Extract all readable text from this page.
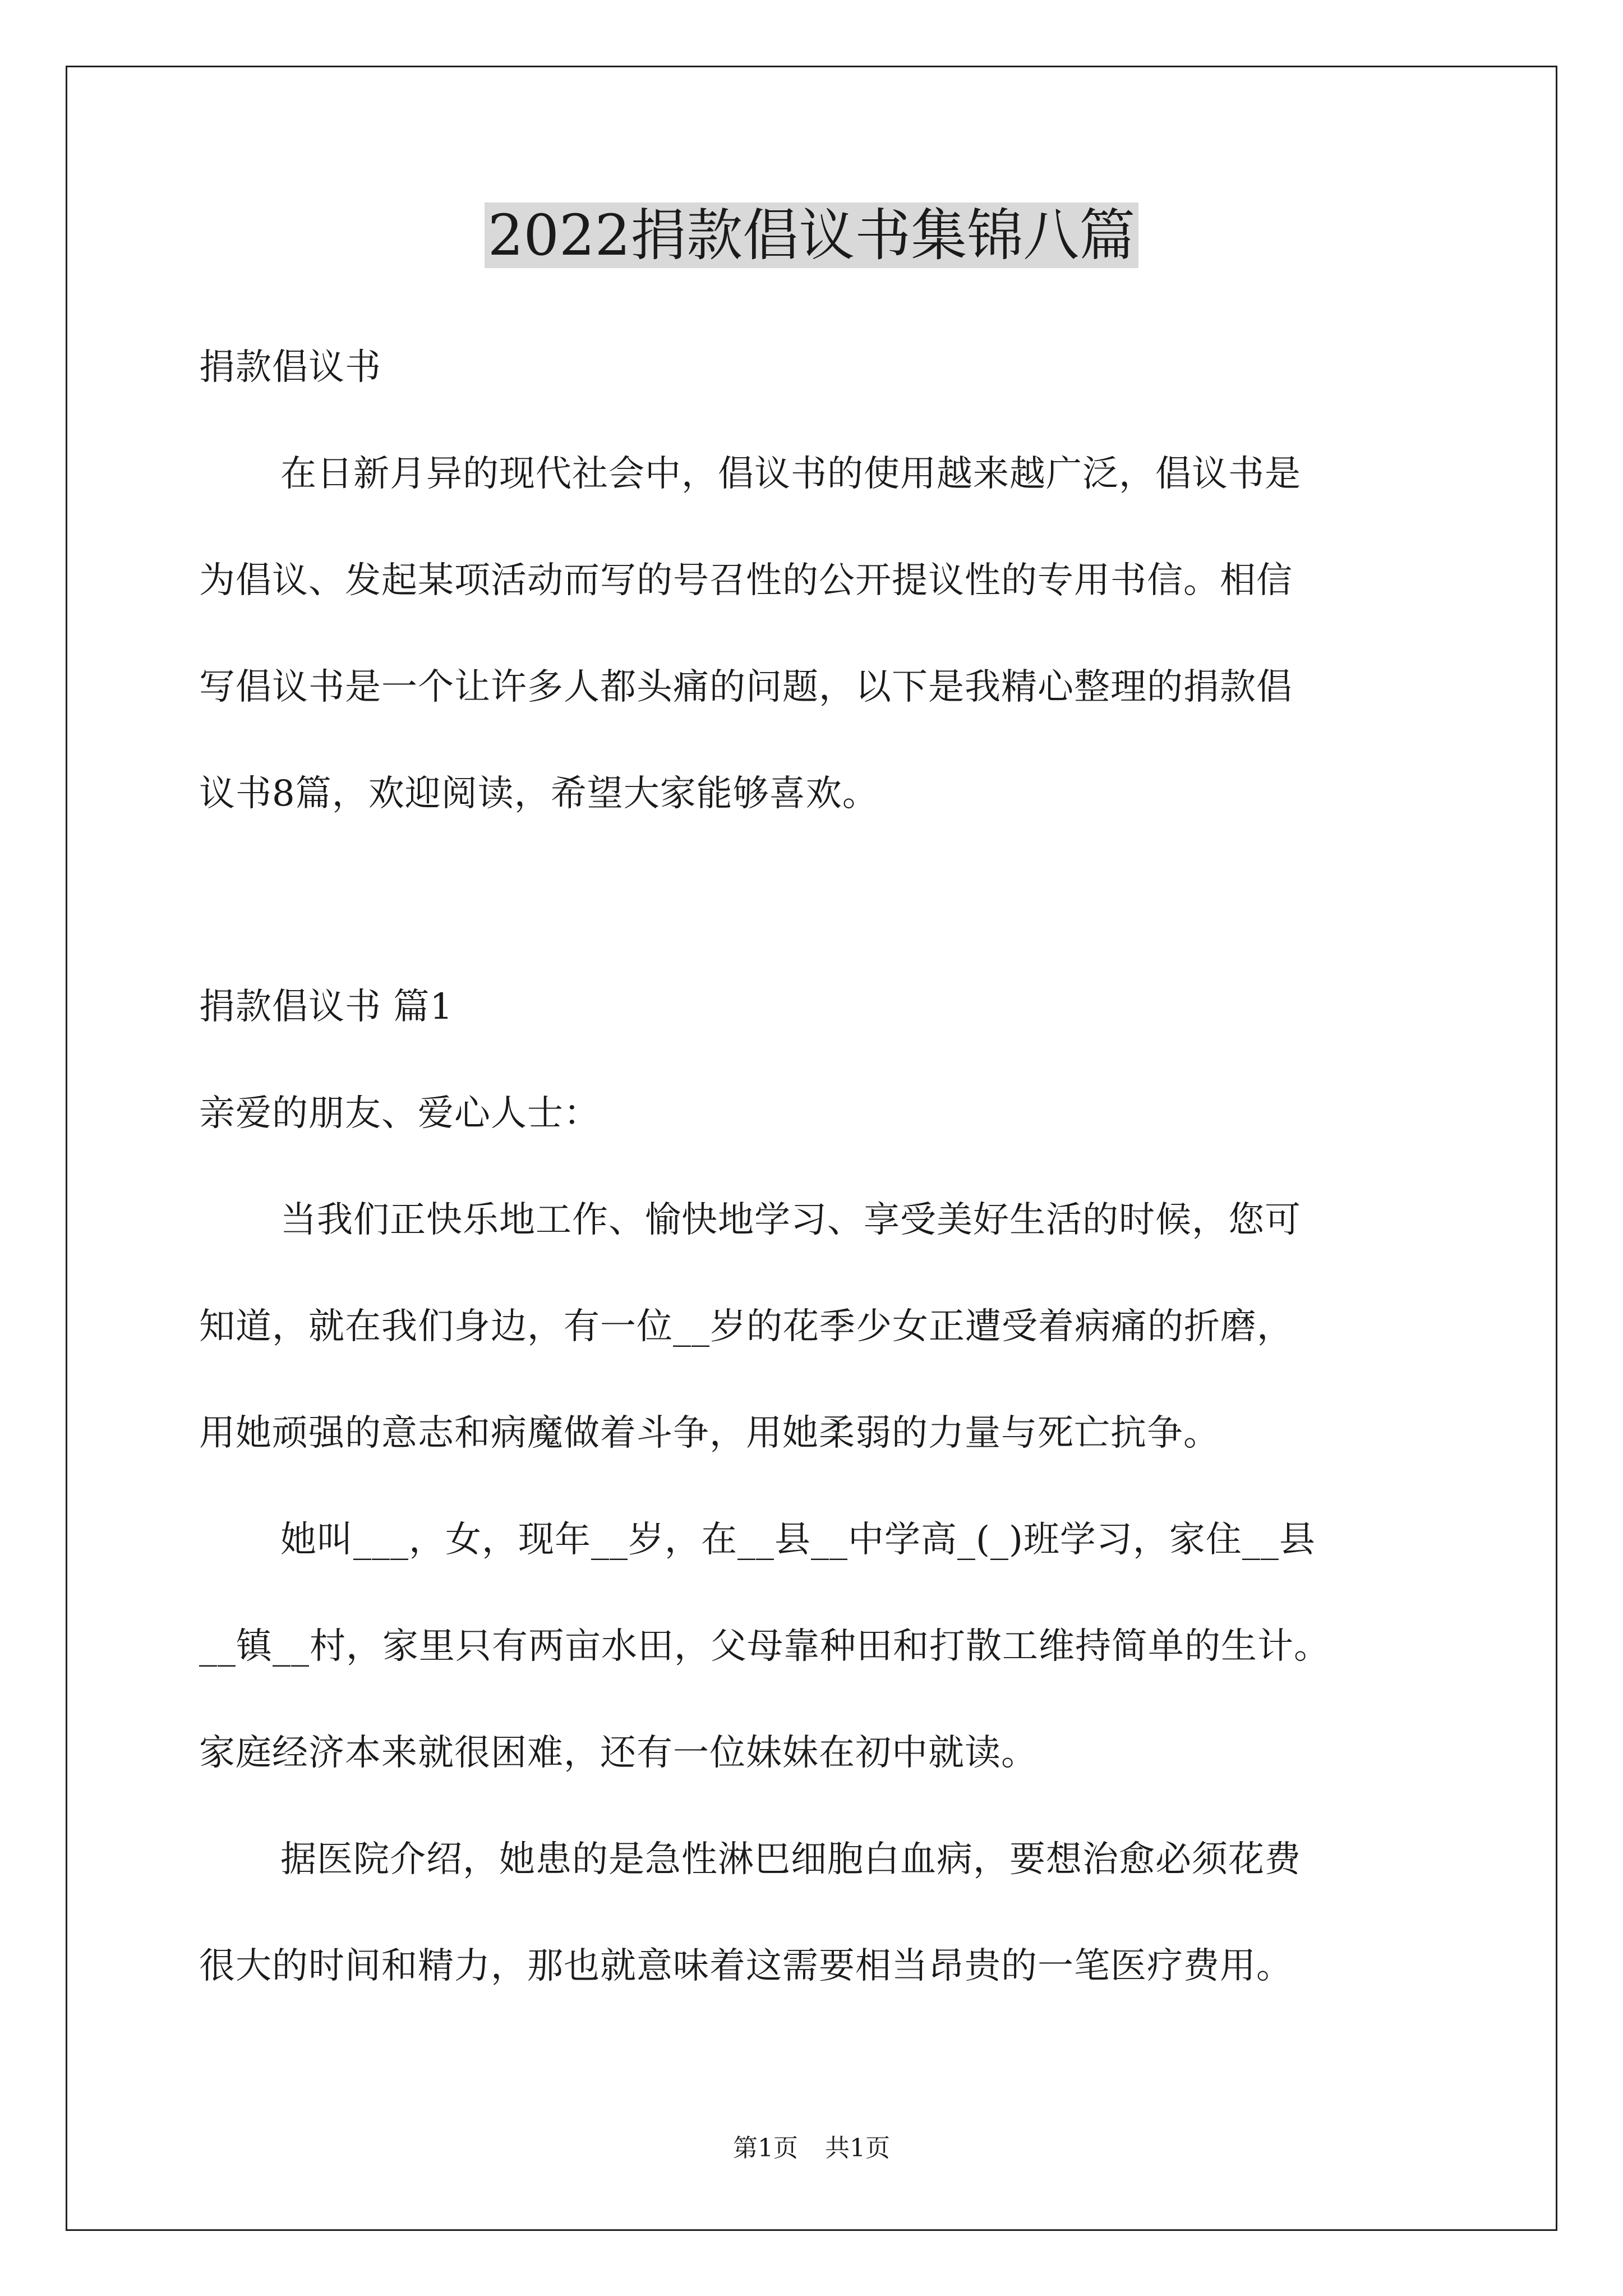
2022捐款倡议书集锦八篇
捐款倡议书
在日新月异的现代社会中，倡议书的使用越来越广泛，倡议书是
为倡议、发起某项活动而写的号召性的公开提议性的专用书信。相信
写倡议书是一个让许多人都头痛的问题，以下是我精心整理的捐款倡
议书8篇，欢迎阅读，希望大家能够喜欢。
捐款倡议书 篇1
亲爱的朋友、爱心人士：
当我们正快乐地工作、愉快地学习、享受美好生活的时候，您可
知道，就在我们身边，有一位__岁的花季少女正遭受着病痛的折磨，
用她顽强的意志和病魔做着斗争，用她柔弱的力量与死亡抗争。
她叫___，女，现年__岁，在__县__中学高_(_)班学习，家住__县
__镇__村，家里只有两亩水田，父母靠种田和打散工维持简单的生计。
家庭经济本来就很困难，还有一位妹妹在初中就读。
据医院介绍，她患的是急性淋巴细胞白血病，要想治愈必须花费
很大的时间和精力，那也就意味着这需要相当昂贵的一笔医疗费用。
第1页 共1页
